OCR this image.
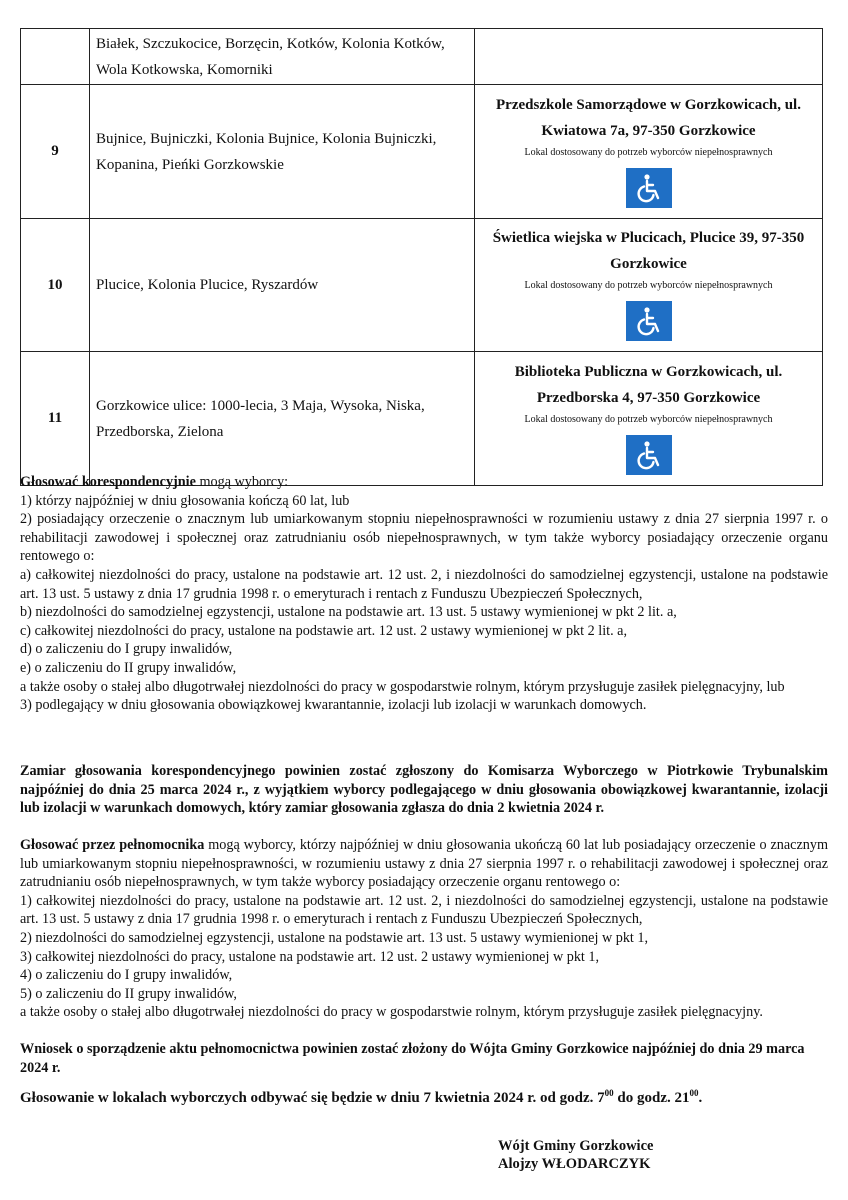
	Białek, Szczukocice, Borzęcin, Kotków, Kolonia Kotków, Wola Kotkowska, Komorniki	
9	Bujnice, Bujniczki, Kolonia Bujnice, Kolonia Bujniczki, Kopanina, Pieńki Gorzkowskie	Przedszkole Samorządowe w Gorzkowicach, ul. Kwiatowa 7a, 97-350 Gorzkowice
Lokal dostosowany do potrzeb wyborców niepełnosprawnych

10	Plucice, Kolonia Plucice, Ryszardów	Świetlica wiejska w Plucicach, Plucice 39, 97-350 Gorzkowice
Lokal dostosowany do potrzeb wyborców niepełnosprawnych

11	Gorzkowice ulice: 1000-lecia, 3 Maja, Wysoka, Niska, Przedborska, Zielona	Biblioteka Publiczna w Gorzkowicach, ul. Przedborska 4, 97-350 Gorzkowice
Lokal dostosowany do potrzeb wyborców niepełnosprawnych

Głosować korespondencyjnie mogą wyborcy:

1) którzy najpóźniej w dniu głosowania kończą 60 lat, lub

2) posiadający orzeczenie o znacznym lub umiarkowanym stopniu niepełnosprawności w rozumieniu ustawy z dnia 27 sierpnia 1997 r. o rehabilitacji zawodowej i społecznej oraz zatrudnianiu osób niepełnosprawnych, w tym także wyborcy posiadający orzeczenie organu rentowego o:

a) całkowitej niezdolności do pracy, ustalone na podstawie art. 12 ust. 2, i niezdolności do samodzielnej egzystencji, ustalone na podstawie art. 13 ust. 5 ustawy z dnia 17 grudnia 1998 r. o emeryturach i rentach z Funduszu Ubezpieczeń Społecznych,

b) niezdolności do samodzielnej egzystencji, ustalone na podstawie art. 13 ust. 5 ustawy wymienionej w pkt 2 lit. a,

c) całkowitej niezdolności do pracy, ustalone na podstawie art. 12 ust. 2 ustawy wymienionej w pkt 2 lit. a,

d) o zaliczeniu do I grupy inwalidów,

e) o zaliczeniu do II grupy inwalidów,

a także osoby o stałej albo długotrwałej niezdolności do pracy w gospodarstwie rolnym, którym przysługuje zasiłek pielęgnacyjny, lub

3) podlegający w dniu głosowania obowiązkowej kwarantannie, izolacji lub izolacji w warunkach domowych.

Zamiar głosowania korespondencyjnego powinien zostać zgłoszony do Komisarza Wyborczego w Piotrkowie Trybunalskim najpóźniej do dnia 25 marca 2024 r., z wyjątkiem wyborcy podlegającego w dniu głosowania obowiązkowej kwarantannie, izolacji lub izolacji w warunkach domowych, który zamiar głosowania zgłasza do dnia 2 kwietnia 2024 r.

Głosować przez pełnomocnika mogą wyborcy, którzy najpóźniej w dniu głosowania ukończą 60 lat lub posiadający orzeczenie o znacznym lub umiarkowanym stopniu niepełnosprawności, w rozumieniu ustawy z dnia 27 sierpnia 1997 r. o rehabilitacji zawodowej i społecznej oraz zatrudnianiu osób niepełnosprawnych, w tym także wyborcy posiadający orzeczenie organu rentowego o:

1) całkowitej niezdolności do pracy, ustalone na podstawie art. 12 ust. 2, i niezdolności do samodzielnej egzystencji, ustalone na podstawie art. 13 ust. 5 ustawy z dnia 17 grudnia 1998 r. o emeryturach i rentach z Funduszu Ubezpieczeń Społecznych,

2) niezdolności do samodzielnej egzystencji, ustalone na podstawie art. 13 ust. 5 ustawy wymienionej w pkt 1,

3) całkowitej niezdolności do pracy, ustalone na podstawie art. 12 ust. 2 ustawy wymienionej w pkt 1,

4) o zaliczeniu do I grupy inwalidów,

5) o zaliczeniu do II grupy inwalidów,

a także osoby o stałej albo długotrwałej niezdolności do pracy w gospodarstwie rolnym, którym przysługuje zasiłek pielęgnacyjny.

Wniosek o sporządzenie aktu pełnomocnictwa powinien zostać złożony do Wójta Gminy Gorzkowice najpóźniej do dnia 29 marca 2024 r.
Głosowanie w lokalach wyborczych odbywać się będzie w dniu 7 kwietnia 2024 r. od godz. $7^{00}$ do godz. $21^{00}$.
Wójt Gminy Gorzkowice
Alojzy WŁODARCZYK
